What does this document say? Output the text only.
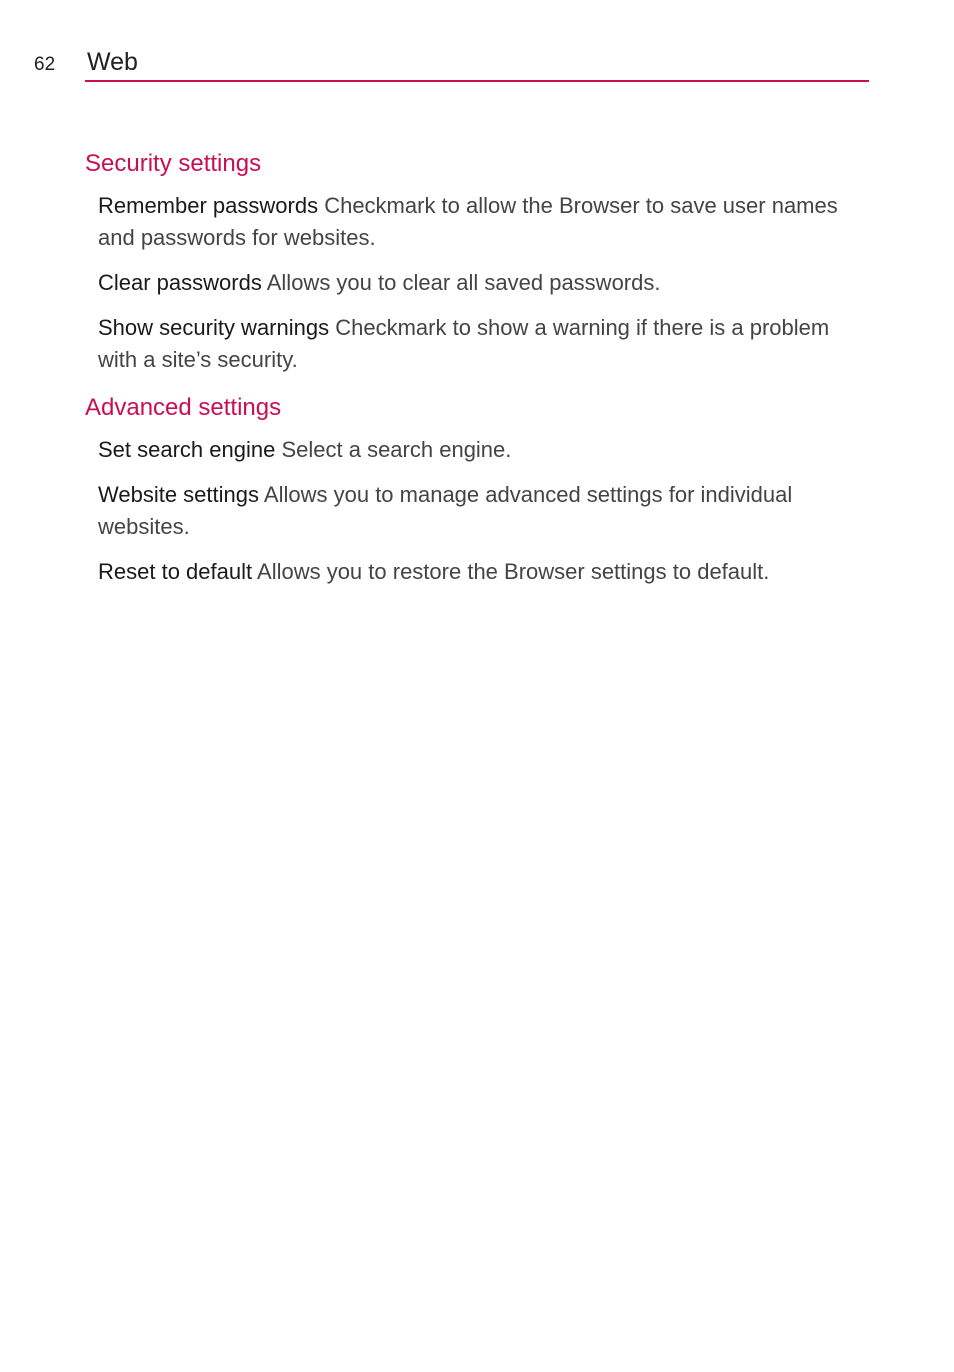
62 Web
Security settings
Remember passwords Checkmark to allow the Browser to save user names and passwords for websites.
Clear passwords Allows you to clear all saved passwords.
Show security warnings Checkmark to show a warning if there is a problem with a site’s security.
Advanced settings
Set search engine Select a search engine.
Website settings Allows you to manage advanced settings for individual websites.
Reset to default Allows you to restore the Browser settings to default.
